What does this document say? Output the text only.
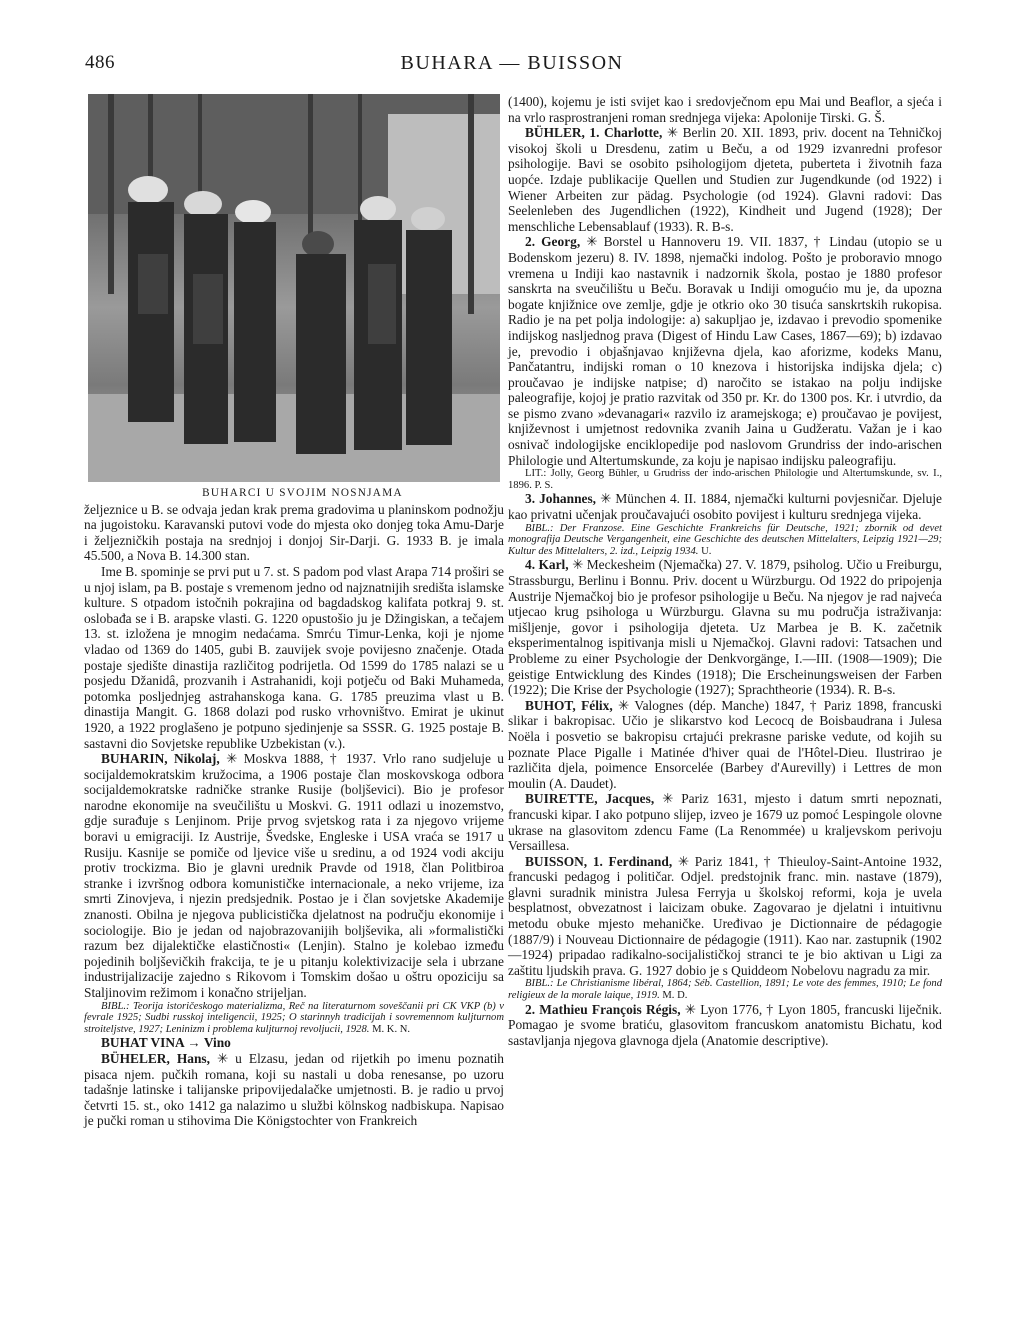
486	BUHARA — BUISSON

BUHARCI U SVOJIM NOSNJAMA

željeznice u B. se odvaja jedan krak prema gradovima u planinskom podnožju na jugoistoku. Karavanski putovi vode do mjesta oko donjeg toka Amu-Darje i željezničkih postaja na srednjoj i donjoj Sir-Darji. G. 1933 B. je imala 45.500, a Nova B. 14.300 stan.

Ime B. spominje se prvi put u 7. st. S padom pod vlast Arapa 714 proširi se u njoj islam, pa B. postaje s vremenom jedno od najznatnijih središta islamske kulture. S otpadom istočnih pokrajina od bagdadskog kalifata potkraj 9. st. oslobađa se i B. arapske vlasti. G. 1220 opustošio ju je Džingiskan, a tečajem 13. st. izložena je mnogim nedaćama. Smrću Timur-Lenka, koji je njome vladao od 1369 do 1405, gubi B. zauvijek svoje povijesno značenje. Otada postaje sjedište dinastija različitog podrijetla. Od 1599 do 1785 nalazi se u posjedu Džanidâ, prozvanih i Astrahanidi, koji potječu od Baki Muhameda, potomka posljednjeg astrahanskoga kana. G. 1785 preuzima vlast u B. dinastija Mangit. G. 1868 dolazi pod rusko vrhovništvo. Emirat je ukinut 1920, a 1922 proglašeno je potpuno sjedinjenje sa SSSR. G. 1925 postaje B. sastavni dio Sovjetske republike Uzbekistan (v.).

BUHARIN, Nikolaj, ✳ Moskva 1888, † 1937. Vrlo rano sudjeluje u socijaldemokratskim kružocima, a 1906 postaje član moskovskoga odbora socijaldemokratske radničke stranke Rusije (boljševici). Bio je profesor narodne ekonomije na sveučilištu u Moskvi. G. 1911 odlazi u inozemstvo, gdje surađuje s Lenjinom. Prije prvog svjetskog rata i za njegovo vrijeme boravi u emigraciji. Iz Austrije, Švedske, Engleske i USA vraća se 1917 u Rusiju. Kasnije se pomiče od ljevice više u sredinu, a od 1924 vodi akciju protiv trockizma. Bio je glavni urednik Pravde od 1918, član Politbiroa stranke i izvršnog odbora komunističke internacionale, a neko vrijeme, iza smrti Zinovjeva, i njezin predsjednik. Postao je i član sovjetske Akademije znanosti. Obilna je njegova publicistička djelatnost na području ekonomije i sociologije. Bio je jedan od najobrazovanijih boljševika, ali »formalistički razum bez dijalektičke elastičnosti« (Lenjin). Stalno je kolebao između pojedinih boljševičkih frakcija, te je u pitanju kolektivizacije sela i ubrzane industrijalizacije zajedno s Rikovom i Tomskim došao u oštru opoziciju sa Staljinovim režimom i konačno strijeljan.

BIBL.: Teorija istoričeskogo materializma, Reč na literaturnom soveščanii pri CK VKP (b) v fevrale 1925; Sudbi russkoj inteligencii, 1925; O starinnyh tradicijah i sovremennom kuljturnom stroiteljstve, 1927; Leninizm i problema kuljturnoj revoljucii, 1928. M. K. N.

BUHAT VINA → Vino

BÜHELER, Hans, ✳ u Elzasu, jedan od rijetkih po imenu poznatih pisaca njem. pučkih romana, koji su nastali u doba renesanse, po uzoru tadašnje latinske i talijanske pripovijedalačke umjetnosti. B. je radio u prvoj četvrti 15. st., oko 1412 ga nalazimo u službi kölnskog nadbiskupa. Napisao je pučki roman u stihovima Die Königstochter von Frankreich

(1400), kojemu je isti svijet kao i sredovječnom epu Mai und Beaflor, a sjeća i na vrlo rasprostranjeni roman srednjega vijeka: Apolonije Tirski. G. Š.

BÜHLER, 1. Charlotte, ✳ Berlin 20. XII. 1893, priv. docent na Tehničkoj visokoj školi u Dresdenu, zatim u Beču, a od 1929 izvanredni profesor psihologije. Bavi se osobito psihologijom djeteta, puberteta i životnih faza uopće. Izdaje publikacije Quellen und Studien zur Jugendkunde (od 1922) i Wiener Arbeiten zur pädag. Psychologie (od 1924). Glavni radovi: Das Seelenleben des Jugendlichen (1922), Kindheit und Jugend (1928); Der menschliche Lebensablauf (1933). R. B-s.

2. Georg, ✳ Borstel u Hannoveru 19. VII. 1837, † Lindau (utopio se u Bodenskom jezeru) 8. IV. 1898, njemački indolog. Pošto je proboravio mnogo vremena u Indiji kao nastavnik i nadzornik škola, postao je 1880 profesor sanskrta na sveučilištu u Beču. Boravak u Indiji omogućio mu je, da upozna bogate knjižnice ove zemlje, gdje je otkrio oko 30 tisuća sanskrtskih rukopisa. Radio je na pet polja indologije: a) sakupljao je, izdavao i prevodio spomenike indijskog nasljednog prava (Digest of Hindu Law Cases, 1867—69); b) izdavao je, prevodio i objašnjavao književna djela, kao aforizme, kodeks Manu, Pančatantru, indijski roman o 10 knezova i historijska indijska djela; c) proučavao je indijske natpise; d) naročito se istakao na polju indijske paleografije, kojoj je pratio razvitak od 350 pr. Kr. do 1300 pos. Kr. i utvrdio, da se pismo zvano »devanagari« razvilo iz aramejskoga; e) proučavao je povijest, književnost i umjetnost redovnika zvanih Jaina u Gudžeratu. Važan je i kao osnivač indologijske enciklopedije pod naslovom Grundriss der indo-arischen Philologie und Altertumskunde, za koju je napisao indijsku paleografiju.

LIT.: Jolly, Georg Bühler, u Grudriss der indo-arischen Philologie und Altertumskunde, sv. I., 1896. P. S.

3. Johannes, ✳ München 4. II. 1884, njemački kulturni povjesničar. Djeluje kao privatni učenjak proučavajući osobito povijest i kulturu srednjega vijeka.

BIBL.: Der Franzose. Eine Geschichte Frankreichs für Deutsche, 1921; zbornik od devet monografija Deutsche Vergangenheit, eine Geschichte des deutschen Mittelalters, Leipzig 1921—29; Kultur des Mittelalters, 2. izd., Leipzig 1934. U.

4. Karl, ✳ Meckesheim (Njemačka) 27. V. 1879, psiholog. Učio u Freiburgu, Strassburgu, Berlinu i Bonnu. Priv. docent u Würzburgu. Od 1922 do pripojenja Austrije Njemačkoj bio je profesor psihologije u Beču. Na njegov je rad najveća utjecao krug psihologa u Würzburgu. Glavna su mu područja istraživanja: mišljenje, govor i psihologija djeteta. Uz Marbea je B. K. začetnik eksperimentalnog ispitivanja misli u Njemačkoj. Glavni radovi: Tatsachen und Probleme zu einer Psychologie der Denkvorgänge, I.—III. (1908—1909); Die geistige Entwicklung des Kindes (1918); Die Erscheinungsweisen der Farben (1922); Die Krise der Psychologie (1927); Sprachtheorie (1934). R. B-s.

BUHOT, Félix, ✳ Valognes (dép. Manche) 1847, † Pariz 1898, francuski slikar i bakropisac. Učio je slikarstvo kod Lecocq de Boisbaudrana i Julesa Noëla i posvetio se bakropisu crtajući prekrasne pariske vedute, od kojih su poznate Place Pigalle i Matinée d'hiver quai de l'Hôtel-Dieu. Ilustrirao je različita djela, poimence Ensorcelée (Barbey d'Aurevilly) i Lettres de mon moulin (A. Daudet).

BUIRETTE, Jacques, ✳ Pariz 1631, mjesto i datum smrti nepoznati, francuski kipar. I ako potpuno slijep, izveo je 1679 uz pomoć Lespingole olovne ukrase na glasovitom zdencu Fame (La Renommée) u kraljevskom perivoju Versaillesa.

BUISSON, 1. Ferdinand, ✳ Pariz 1841, † Thieuloy-Saint-Antoine 1932, francuski pedagog i političar. Odjel. predstojnik franc. min. nastave (1879), glavni suradnik ministra Julesa Ferryja u školskoj reformi, koja je uvela besplatnost, obvezatnost i laicizam obuke. Zagovarao je djelatni i intuitivnu metodu obuke mjesto mehaničke. Uređivao je Dictionnaire de pédagogie (1887/9) i Nouveau Dictionnaire de pédagogie (1911). Kao nar. zastupnik (1902—1924) pripadao radikalno-socijalističkoj stranci te je bio aktivan u Ligi za zaštitu ljudskih prava. G. 1927 dobio je s Quiddeom Nobelovu nagradu za mir.

BIBL.: Le Christianisme libéral, 1864; Séb. Castellion, 1891; Le vote des femmes, 1910; Le fond religieux de la morale laique, 1919. M. D.

2. Mathieu François Régis, ✳ Lyon 1776, † Lyon 1805, francuski liječnik. Pomagao je svome bratiću, glasovitom francuskom anatomistu Bichatu, kod sastavljanja njegova glavnoga djela (Anatomie descriptive).
